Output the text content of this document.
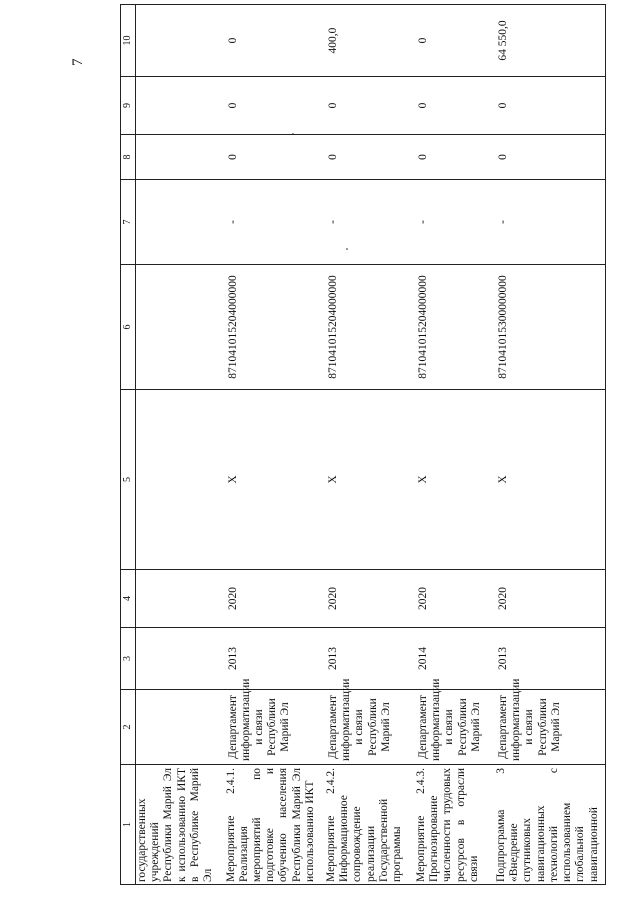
7
1	2	3	4	5	6	7	8	9	10
государственных учреждений Республики Марий Эл к использованию ИКТ в Республике Марий Эл									
Мероприятие 2.4.1. Реализация мероприятий по подготовке и обучению населения Республики Марий Эл использованию ИКТ	Департамент информатизации и связи Республики Марий Эл	2013	2020	X	871041015204000000	-	0	0	0
Мероприятие 2.4.2. Информационное сопровождение реализации Государственной программы	Департамент информатизации и связи Республики Марий Эл	2013	2020	X	871041015204000000	-	0	0	400,0
Мероприятие 2.4.3. Прогнозирование численности трудовых ресурсов в отрасли связи	Департамент информатизации и связи Республики Марий Эл	2014	2020	X	871041015204000000	-	0	0	0
Подпрограмма 3 «Внедрение спутниковых навигационных технологий с использованием глобальной навигационной	Департамент информатизации и связи Республики Марий Эл	2013	2020	X	871041015300000000	-	0	0	64 550,0
